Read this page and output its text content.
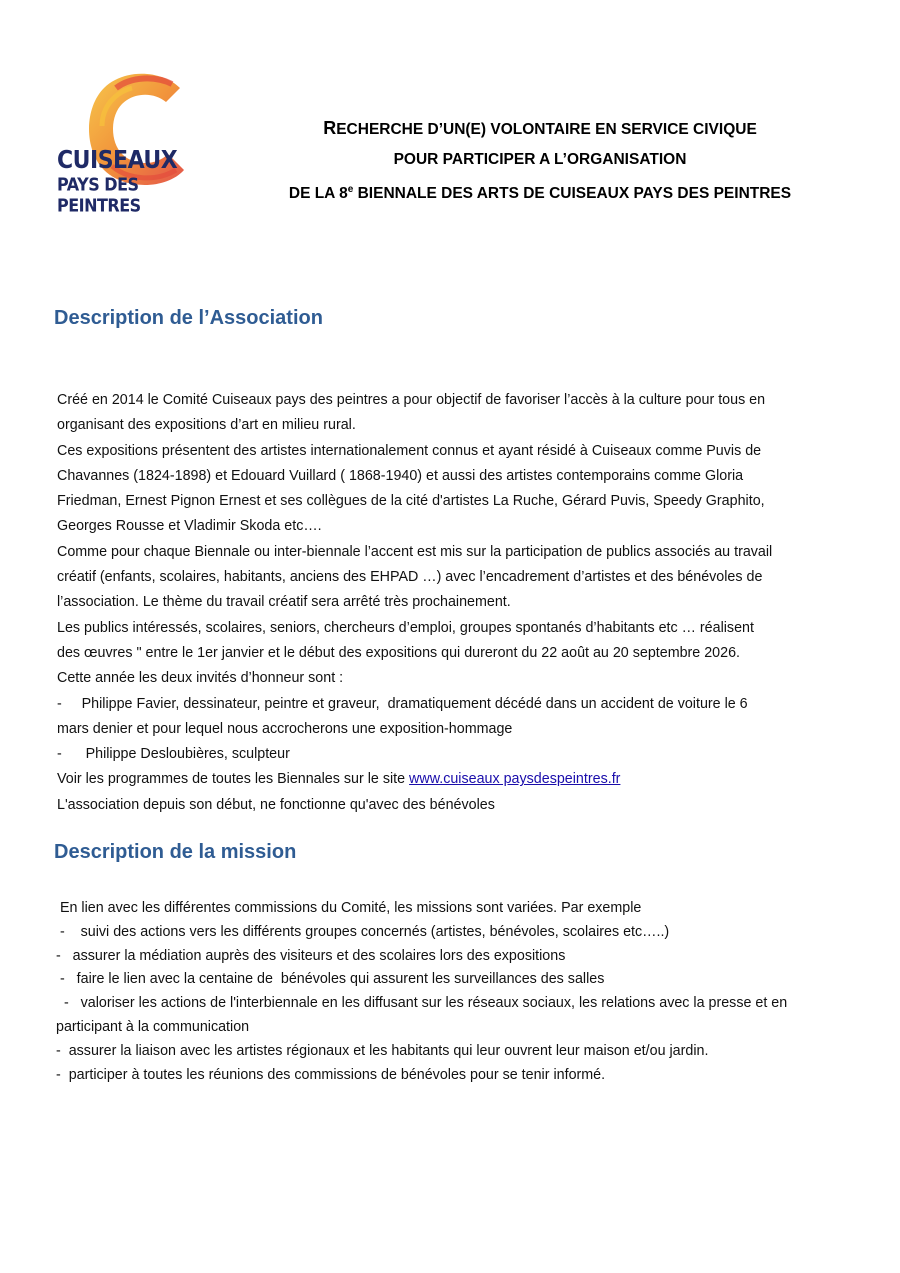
CUISEAUX
PAYS DES PEINTRES
RECHERCHE D’UN(E) VOLONTAIRE EN SERVICE CIVIQUE
POUR PARTICIPER A L’ORGANISATION
DE LA 8e BIENNALE DES ARTS DE CUISEAUX PAYS DES PEINTRES
Description de l’Association
Créé en 2014 le Comité Cuiseaux pays des peintres a pour objectif de favoriser l’accès à la culture pour tous en
organisant des expositions d’art en milieu rural.
Ces expositions présentent des artistes internationalement connus et ayant résidé à Cuiseaux comme Puvis de
Chavannes (1824-1898) et Edouard Vuillard ( 1868-1940) et aussi des artistes contemporains comme Gloria
Friedman, Ernest Pignon Ernest et ses collègues de la cité d'artistes La Ruche, Gérard Puvis, Speedy Graphito,
Georges Rousse et Vladimir Skoda etc….
Comme pour chaque Biennale ou inter-biennale l’accent est mis sur la participation de publics associés au travail
créatif (enfants, scolaires, habitants, anciens des EHPAD …) avec l’encadrement d’artistes et des bénévoles de
l’association. Le thème du travail créatif sera arrêté très prochainement.
Les publics intéressés, scolaires, seniors, chercheurs d’emploi, groupes spontanés d’habitants etc … réalisent
des œuvres " entre le 1er janvier et le début des expositions qui dureront du 22 août au 20 septembre 2026.
Cette année les deux invités d’honneur sont :
-     Philippe Favier, dessinateur, peintre et graveur,  dramatiquement décédé dans un accident de voiture le 6
mars denier et pour lequel nous accrocherons une exposition-hommage
-      Philippe Desloubières, sculpteur
Voir les programmes de toutes les Biennales sur le site www.cuiseaux paysdespeintres.fr
L'association depuis son début, ne fonctionne qu'avec des bénévoles
Description de la mission
En lien avec les différentes commissions du Comité, les missions sont variées. Par exemple
-    suivi des actions vers les différents groupes concernés (artistes, bénévoles, scolaires etc…..)
-   assurer la médiation auprès des visiteurs et des scolaires lors des expositions
-   faire le lien avec la centaine de  bénévoles qui assurent les surveillances des salles
-   valoriser les actions de l'interbiennale en les diffusant sur les réseaux sociaux, les relations avec la presse et en
participant à la communication
-  assurer la liaison avec les artistes régionaux et les habitants qui leur ouvrent leur maison et/ou jardin.
-  participer à toutes les réunions des commissions de bénévoles pour se tenir informé.
